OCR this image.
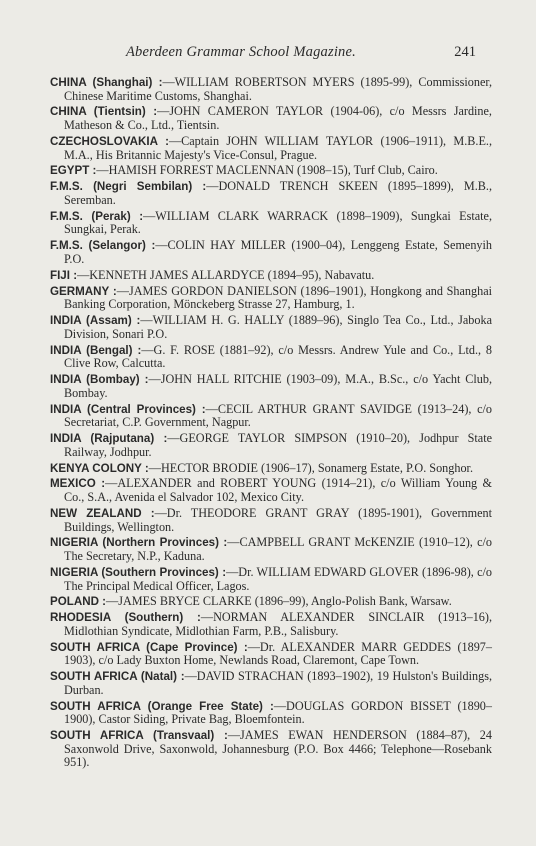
Aberdeen Grammar School Magazine.	241

CHINA (Shanghai) :—WILLIAM ROBERTSON MYERS (1895-99), Commissioner, Chinese Maritime Customs, Shanghai.

CHINA (Tientsin) :—JOHN CAMERON TAYLOR (1904-06), c/o Messrs Jardine, Matheson & Co., Ltd., Tientsin.

CZECHOSLOVAKIA :—Captain JOHN WILLIAM TAYLOR (1906–1911), M.B.E., M.A., His Britannic Majesty's Vice-Consul, Prague.

EGYPT :—HAMISH FORREST MACLENNAN (1908–15), Turf Club, Cairo.

F.M.S. (Negri Sembilan) :—DONALD TRENCH SKEEN (1895–1899), M.B., Seremban.

F.M.S. (Perak) :—WILLIAM CLARK WARRACK (1898–1909), Sungkai Estate, Sungkai, Perak.

F.M.S. (Selangor) :—COLIN HAY MILLER (1900–04), Lenggeng Estate, Semenyih P.O.

FIJI :—KENNETH JAMES ALLARDYCE (1894–95), Nabavatu.

GERMANY :—JAMES GORDON DANIELSON (1896–1901), Hongkong and Shanghai Banking Corporation, Mönckeberg Strasse 27, Hamburg, 1.

INDIA (Assam) :—WILLIAM H. G. HALLY (1889–96), Singlo Tea Co., Ltd., Jaboka Division, Sonari P.O.

INDIA (Bengal) :—G. F. ROSE (1881–92), c/o Messrs. Andrew Yule and Co., Ltd., 8 Clive Row, Calcutta.

INDIA (Bombay) :—JOHN HALL RITCHIE (1903–09), M.A., B.Sc., c/o Yacht Club, Bombay.

INDIA (Central Provinces) :—CECIL ARTHUR GRANT SAVIDGE (1913–24), c/o Secretariat, C.P. Government, Nagpur.

INDIA (Rajputana) :—GEORGE TAYLOR SIMPSON (1910–20), Jodhpur State Railway, Jodhpur.

KENYA COLONY :—HECTOR BRODIE (1906–17), Sonamerg Estate, P.O. Songhor.

MEXICO :—ALEXANDER and ROBERT YOUNG (1914–21), c/o William Young & Co., S.A., Avenida el Salvador 102, Mexico City.

NEW ZEALAND :—Dr. THEODORE GRANT GRAY (1895-1901), Government Buildings, Wellington.

NIGERIA (Northern Provinces) :—CAMPBELL GRANT McKENZIE (1910–12), c/o The Secretary, N.P., Kaduna.

NIGERIA (Southern Provinces) :—Dr. WILLIAM EDWARD GLOVER (1896-98), c/o The Principal Medical Officer, Lagos.

POLAND :—JAMES BRYCE CLARKE (1896–99), Anglo-Polish Bank, Warsaw.

RHODESIA (Southern) :—NORMAN ALEXANDER SINCLAIR (1913–16), Midlothian Syndicate, Midlothian Farm, P.B., Salisbury.

SOUTH AFRICA (Cape Province) :—Dr. ALEXANDER MARR GEDDES (1897–1903), c/o Lady Buxton Home, Newlands Road, Claremont, Cape Town.

SOUTH AFRICA (Natal) :—DAVID STRACHAN (1893–1902), 19 Hulston's Buildings, Durban.

SOUTH AFRICA (Orange Free State) :—DOUGLAS GORDON BISSET (1890–1900), Castor Siding, Private Bag, Bloemfontein.

SOUTH AFRICA (Transvaal) :—JAMES EWAN HENDERSON (1884–87), 24 Saxonwold Drive, Saxonwold, Johannesburg (P.O. Box 4466; Telephone—Rosebank 951).
